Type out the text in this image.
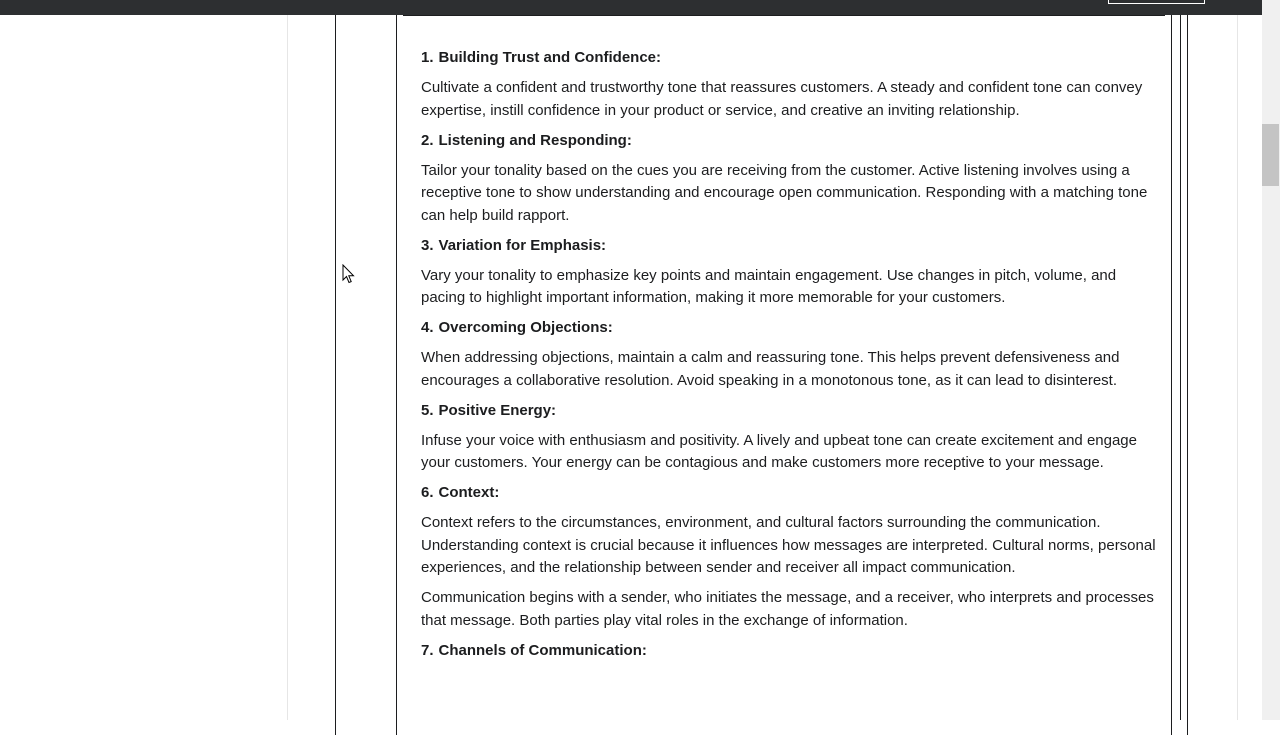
1. Building Trust and Confidence:

Cultivate a confident and trustworthy tone that reassures customers. A steady and confident tone can convey expertise, instill confidence in your product or service, and creative an inviting relationship.

2. Listening and Responding:

Tailor your tonality based on the cues you are receiving from the customer. Active listening involves using a receptive tone to show understanding and encourage open communication. Responding with a matching tone can help build rapport.

3. Variation for Emphasis:

Vary your tonality to emphasize key points and maintain engagement. Use changes in pitch, volume, and pacing to highlight important information, making it more memorable for your customers.

4. Overcoming Objections:

When addressing objections, maintain a calm and reassuring tone. This helps prevent defensiveness and encourages a collaborative resolution. Avoid speaking in a monotonous tone, as it can lead to disinterest.

5. Positive Energy:

Infuse your voice with enthusiasm and positivity. A lively and upbeat tone can create excitement and engage your customers. Your energy can be contagious and make customers more receptive to your message.

6. Context:

Context refers to the circumstances, environment, and cultural factors surrounding the communication. Understanding context is crucial because it influences how messages are interpreted. Cultural norms, personal experiences, and the relationship between sender and receiver all impact communication.

Communication begins with a sender, who initiates the message, and a receiver, who interprets and processes that message. Both parties play vital roles in the exchange of information.

7. Channels of Communication:
